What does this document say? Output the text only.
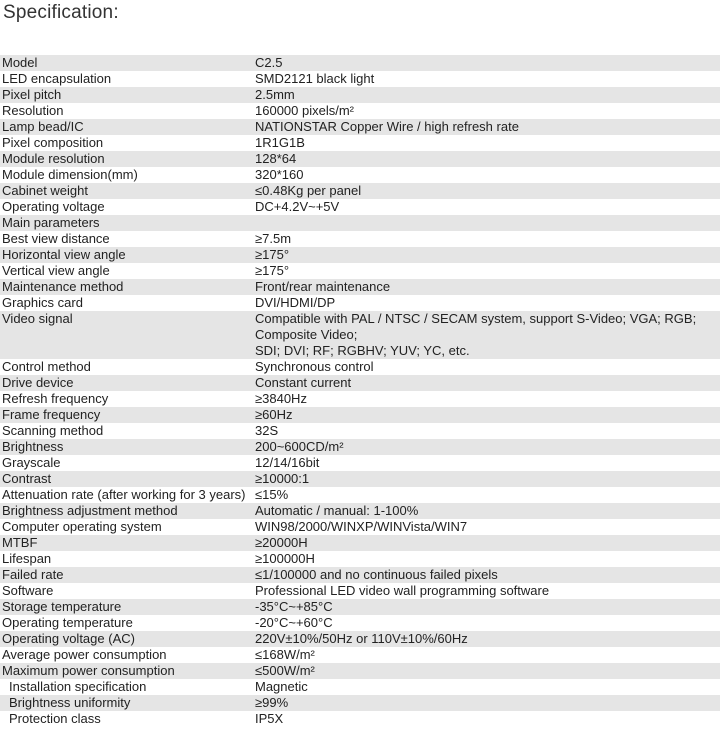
Specification:
Model	C2.5
LED encapsulation	SMD2121 black light
Pixel pitch	2.5mm
Resolution	160000 pixels/m²
Lamp bead/IC	NATIONSTAR Copper Wire / high refresh rate
Pixel composition	1R1G1B
Module resolution	128*64
Module dimension(mm)	320*160
Cabinet weight	≤0.48Kg per panel
Operating voltage	DC+4.2V~+5V
Main parameters	
Best view distance	≥7.5m
Horizontal view angle	≥175°
Vertical view angle	≥175°
Maintenance method	Front/rear maintenance
Graphics card	DVI/HDMI/DP
Video signal	Compatible with PAL / NTSC / SECAM system, support S-Video; VGA; RGB; Composite Video;
SDI; DVI; RF; RGBHV; YUV; YC, etc.
Control method	Synchronous control
Drive device	Constant current
Refresh frequency	≥3840Hz
Frame frequency	≥60Hz
Scanning method	32S
Brightness	200~600CD/m²
Grayscale	12/14/16bit
Contrast	≥10000:1
Attenuation rate (after working for 3 years)	≤15%
Brightness adjustment method	Automatic / manual: 1-100%
Computer operating system	WIN98/2000/WINXP/WINVista/WIN7
MTBF	≥20000H
Lifespan	≥100000H
Failed rate	≤1/100000 and no continuous failed pixels
Software	Professional LED video wall programming software
Storage temperature	-35°C~+85°C
Operating temperature	-20°C~+60°C
Operating voltage (AC)	220V±10%/50Hz or 110V±10%/60Hz
Average power consumption	≤168W/m²
Maximum power consumption	≤500W/m²
Installation specification	Magnetic
Brightness uniformity	≥99%
Protection class	IP5X
